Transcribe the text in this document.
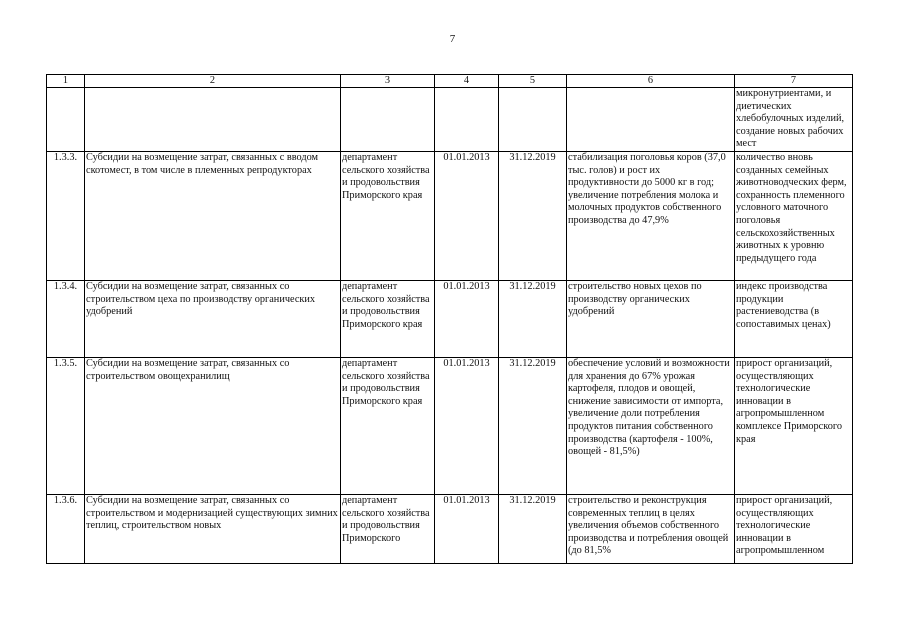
7
1	2	3	4	5	6	7
						микронутриентами, и диетических хлебобулочных изделий, создание новых рабочих мест
1.3.3.	Субсидии на возмещение затрат, связанных с вводом скотомест, в том числе в племенных репродукторах	департамент сельского хозяйства и продовольствия Приморского края	01.01.2013	31.12.2019	стабилизация поголовья коров (37,0 тыс. голов) и рост их продуктивности до 5000 кг в год; увеличение потребления молока и молочных продуктов собственного производства до 47,9%	количество вновь созданных семейных животноводческих ферм, сохранность племенного условного маточного поголовья сельскохозяйственных животных к уровню предыдущего года
1.3.4.	Субсидии на возмещение затрат, связанных со строительством цеха по производству органических удобрений	департамент сельского хозяйства и продовольствия Приморского края	01.01.2013	31.12.2019	строительство новых цехов по производству органических удобрений	индекс производства продукции растениеводства (в сопоставимых ценах)
1.3.5.	Субсидии на возмещение затрат, связанных со строительством овощехранилищ	департамент сельского хозяйства и продовольствия Приморского края	01.01.2013	31.12.2019	обеспечение условий и возможности для хранения до 67% урожая картофеля, плодов и овощей, снижение зависимости от импорта, увеличение доли потребления продуктов питания собственного производства (картофеля - 100%, овощей - 81,5%)	прирост организаций, осуществляющих технологические инновации в агропромышленном комплексе Приморского края
1.3.6.	Субсидии на возмещение затрат, связанных со строительством и модернизацией существующих зимних теплиц, строительством новых	департамент сельского хозяйства и продовольствия Приморского	01.01.2013	31.12.2019	строительство и реконструкция современных теплиц в целях увеличения объемов собственного производства и потребления овощей (до 81,5%	прирост организаций, осуществляющих технологические инновации в агропромышленном
